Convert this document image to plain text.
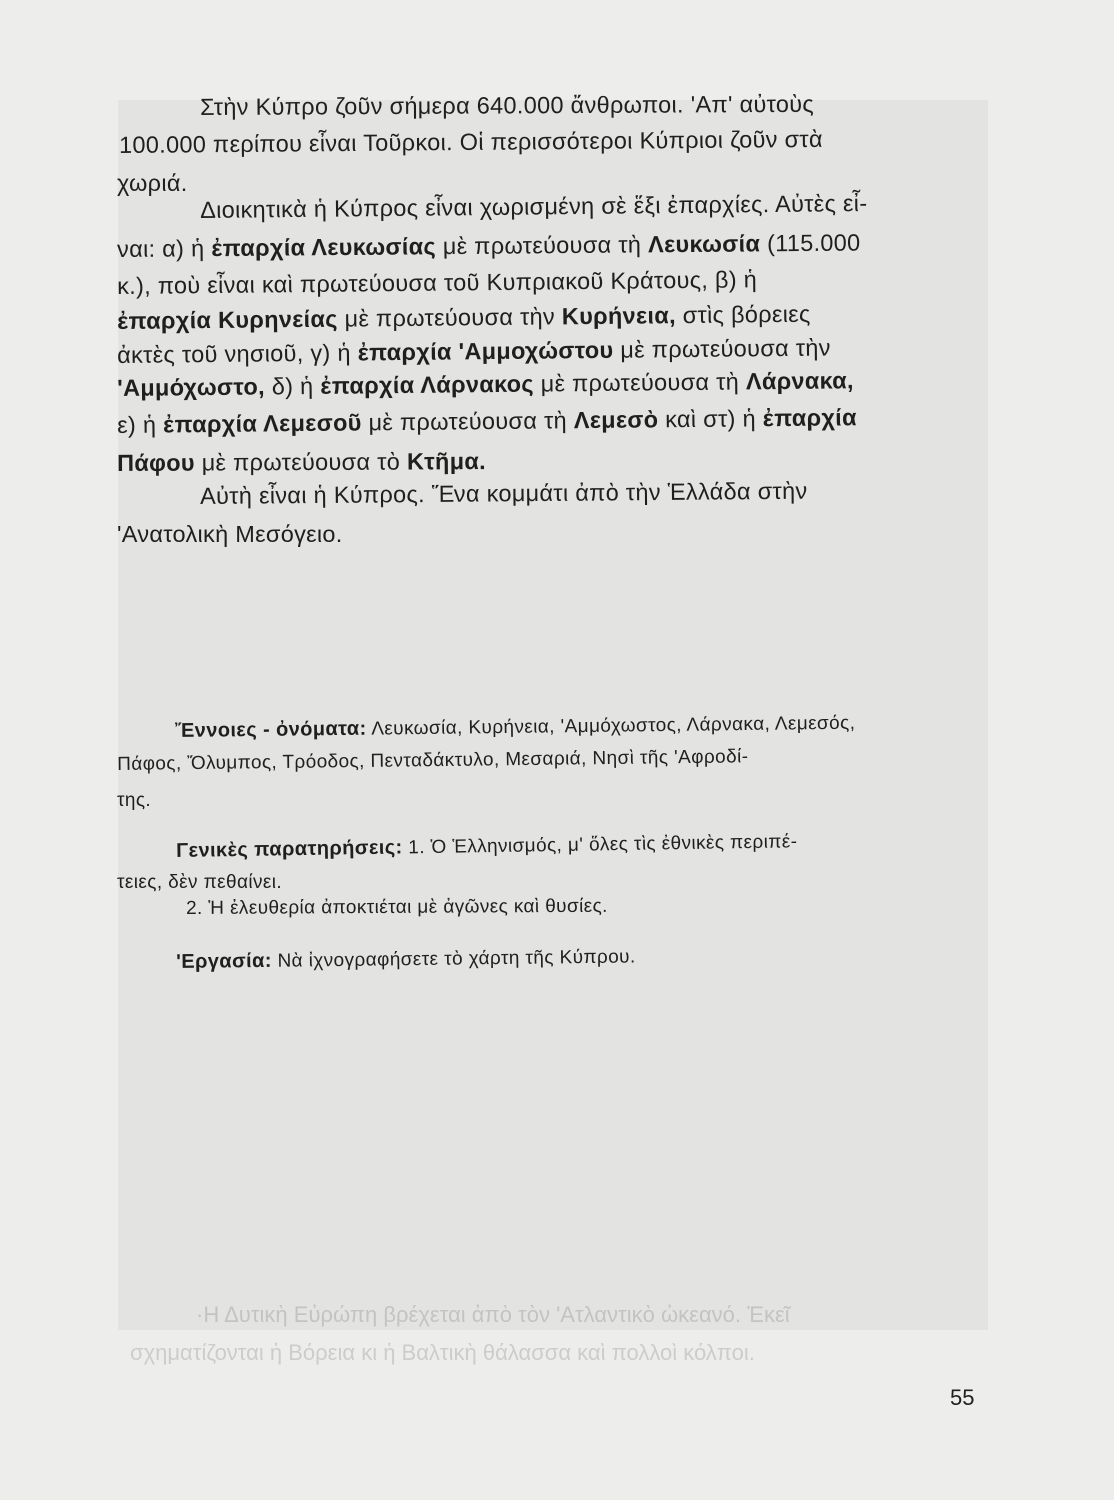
·Η Δυτικὴ Εὐρώπη βρέχεται ἀπὸ τὸν 'Ατλαντικὸ ὠκεανό. Ἐκεῖ
σχηματίζονται ἡ Βόρεια κι ἡ Βαλτικὴ θάλασσα καὶ πολλοὶ κόλποι.
Στὴν Κύπρο ζοῦν σήμερα 640.000 ἄνθρωποι. 'Απ' αὐτοὺς
100.000 περίπου εἶναι Τοῦρκοι. Οἱ περισσότεροι Κύπριοι ζοῦν στὰ
χωριά.
Διοικητικὰ ἡ Κύπρος εἶναι χωρισμένη σὲ ἕξι ἐπαρχίες. Αὐτὲς εἶ-
ναι: α) ἡ ἐπαρχία Λευκωσίας μὲ πρωτεύουσα τὴ Λευκωσία (115.000
κ.), ποὺ εἶναι καὶ πρωτεύουσα τοῦ Κυπριακοῦ Κράτους, β) ἡ
ἐπαρχία Κυρηνείας μὲ πρωτεύουσα τὴν Κυρήνεια, στὶς βόρειες
ἀκτὲς τοῦ νησιοῦ, γ) ἡ ἐπαρχία 'Αμμοχώστου μὲ πρωτεύουσα τὴν
'Αμμόχωστο, δ) ἡ ἐπαρχία Λάρνακος μὲ πρωτεύουσα τὴ Λάρνακα,
ε) ἡ ἐπαρχία Λεμεσοῦ μὲ πρωτεύουσα τὴ Λεμεσὸ καὶ στ) ἡ ἐπαρχία
Πάφου μὲ πρωτεύουσα τὸ Κτῆμα.
Αὐτὴ εἶναι ἡ Κύπρος. Ἕνα κομμάτι ἀπὸ τὴν Ἑλλάδα στὴν
'Ανατολικὴ Μεσόγειο.
Ἔννοιες - ὀνόματα: Λευκωσία, Κυρήνεια, 'Αμμόχωστος, Λάρνακα, Λεμεσός,
Πάφος, Ὄλυμπος, Τρόοδος, Πενταδάκτυλο, Μεσαριά, Νησὶ τῆς 'Αφροδί-
της.
Γενικὲς παρατηρήσεις: 1. Ὁ Ἑλληνισμός, μ' ὅλες τὶς ἐθνικὲς περιπέ-
τειες, δὲν πεθαίνει.
2. Ἡ ἐλευθερία ἀποκτιέται μὲ ἀγῶνες καὶ θυσίες.
'Εργασία: Νὰ ἰχνογραφήσετε τὸ χάρτη τῆς Κύπρου.
55
